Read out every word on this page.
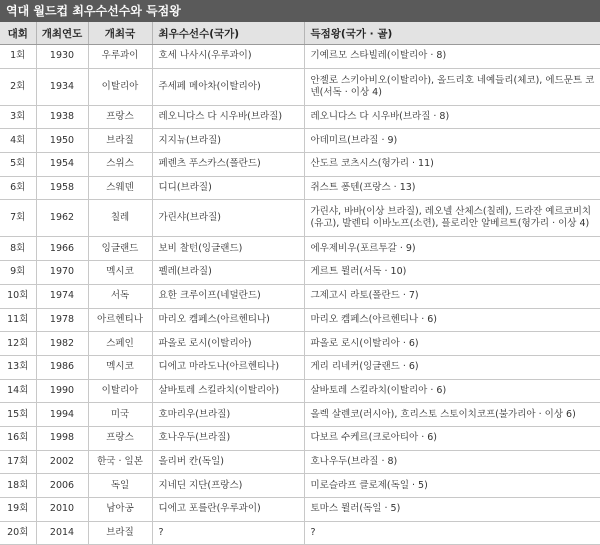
역대 월드컵 최우수선수와 득점왕
대회	개최연도	개최국	최우수선수(국가)	득점왕(국가 · 골)
1회	1930	우루과이	호세 나사시(우루과이)	기예르모 스타빌레(이탈리아 · 8)
2회	1934	이탈리아	주세페 메아차(이탈리아)	안젤로 스키아비오(이탈리아), 올드리호 네예들리(체코), 에드문트 코넨(서독 · 이상 4)
3회	1938	프랑스	레오니다스 다 시우바(브라질)	레오니다스 다 시우바(브라질 · 8)
4회	1950	브라질	지지뉴(브라질)	아데미르(브라질 · 9)
5회	1954	스위스	페렌츠 푸스카스(폴란드)	산도르 코츠시스(헝가리 · 11)
6회	1958	스웨덴	디디(브라질)	쥐스트 퐁텐(프랑스 · 13)
7회	1962	칠레	가린샤(브라질)	가린샤, 바바(이상 브라질), 레오넬 산체스(칠레), 드라잔 예르코비치(유고), 발렌티 이바노프(소련), 플로리안 알베르트(헝가리 · 이상 4)
8회	1966	잉글랜드	보비 찰턴(잉글랜드)	에우제비우(포르투갈 · 9)
9회	1970	멕시코	펠레(브라질)	게르트 뮐러(서독 · 10)
10회	1974	서독	요한 크루이프(네덜란드)	그제고시 라토(폴란드 · 7)
11회	1978	아르헨티나	마리오 켐페스(아르헨티나)	마리오 켐페스(아르헨티나 · 6)
12회	1982	스페인	파올로 로시(이탈리아)	파올로 로시(이탈리아 · 6)
13회	1986	멕시코	디에고 마라도나(아르헨티나)	게리 리네커(잉글랜드 · 6)
14회	1990	이탈리아	살바토레 스킬라치(이탈리아)	살바토레 스킬라치(이탈리아 · 6)
15회	1994	미국	호마리우(브라질)	올렉 살렌코(러시아), 흐리스토 스토이치코프(불가리아 · 이상 6)
16회	1998	프랑스	호나우두(브라질)	다보르 수케르(크로아티아 · 6)
17회	2002	한국 · 일본	올리버 칸(독일)	호나우두(브라질 · 8)
18회	2006	독일	지네딘 지단(프랑스)	미로슬라프 클로제(독일 · 5)
19회	2010	남아공	디에고 포를란(우루과이)	토마스 뮐러(독일 · 5)
20회	2014	브라질	?	?
